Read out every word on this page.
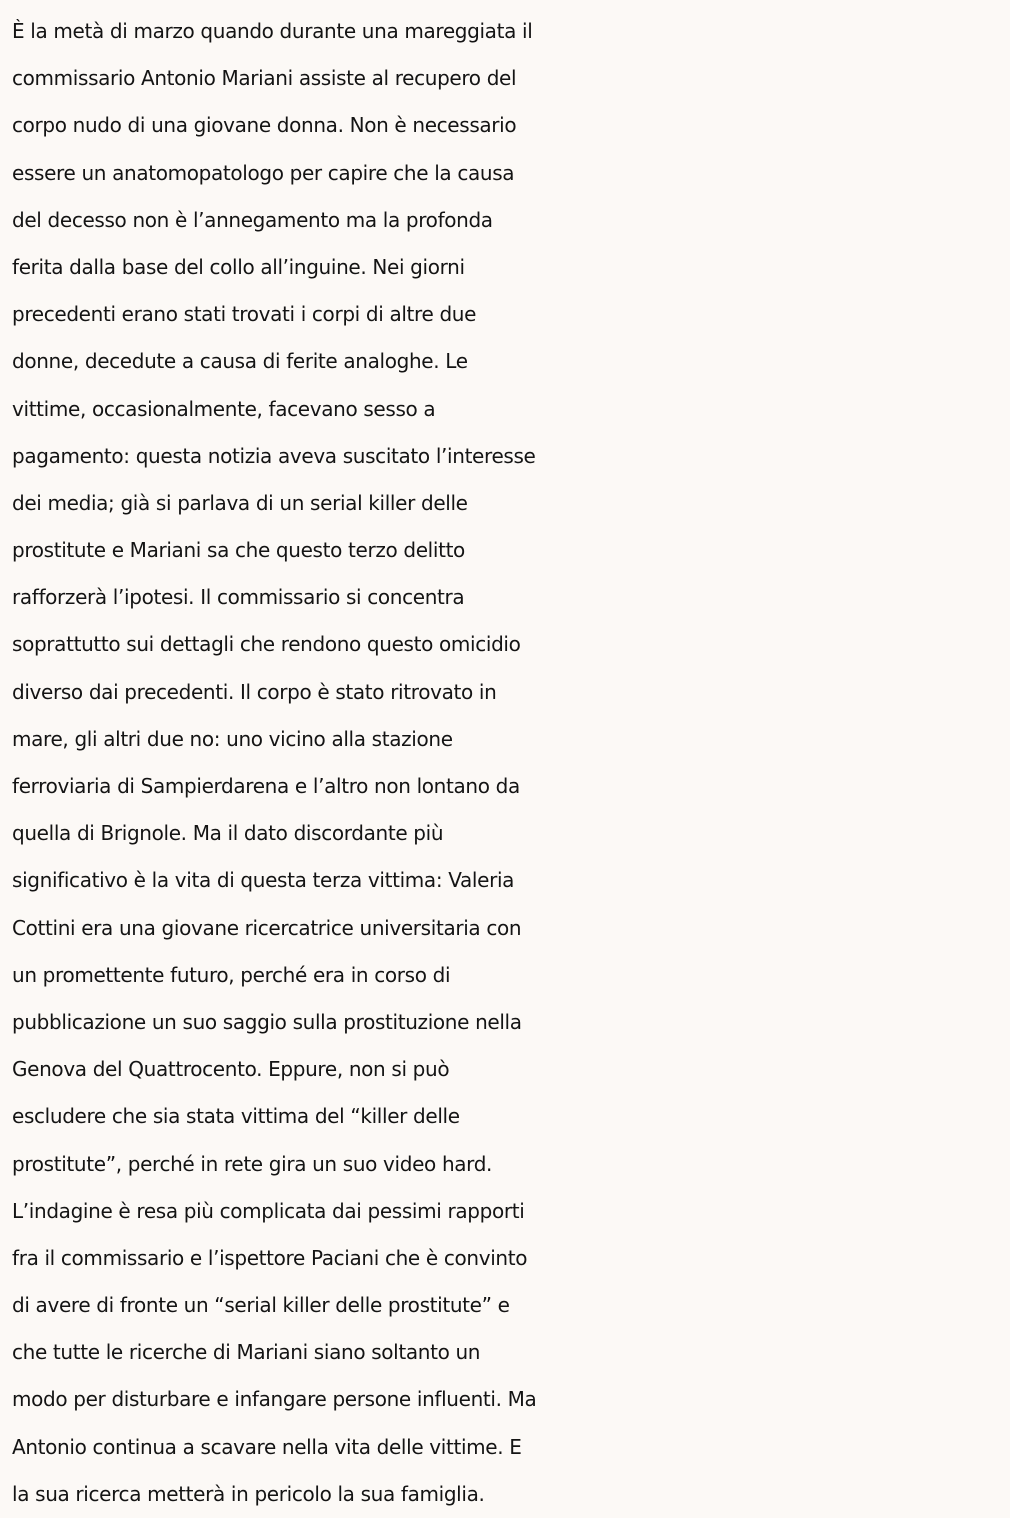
È la metà di marzo quando durante una mareggiata il
commissario Antonio Mariani assiste al recupero del
corpo nudo di una giovane donna. Non è necessario
essere un anatomopatologo per capire che la causa
del decesso non è l’annegamento ma la profonda
ferita dalla base del collo all’inguine. Nei giorni
precedenti erano stati trovati i corpi di altre due
donne, decedute a causa di ferite analoghe. Le
vittime, occasionalmente, facevano sesso a
pagamento: questa notizia aveva suscitato l’interesse
dei media; già si parlava di un serial killer delle
prostitute e Mariani sa che questo terzo delitto
rafforzerà l’ipotesi. Il commissario si concentra
soprattutto sui dettagli che rendono questo omicidio
diverso dai precedenti. Il corpo è stato ritrovato in
mare, gli altri due no: uno vicino alla stazione
ferroviaria di Sampierdarena e l’altro non lontano da
quella di Brignole. Ma il dato discordante più
significativo è la vita di questa terza vittima: Valeria
Cottini era una giovane ricercatrice universitaria con
un promettente futuro, perché era in corso di
pubblicazione un suo saggio sulla prostituzione nella
Genova del Quattrocento. Eppure, non si può
escludere che sia stata vittima del “killer delle
prostitute”, perché in rete gira un suo video hard.
L’indagine è resa più complicata dai pessimi rapporti
fra il commissario e l’ispettore Paciani che è convinto
di avere di fronte un “serial killer delle prostitute” e
che tutte le ricerche di Mariani siano soltanto un
modo per disturbare e infangare persone influenti. Ma
Antonio continua a scavare nella vita delle vittime. E
la sua ricerca metterà in pericolo la sua famiglia.
